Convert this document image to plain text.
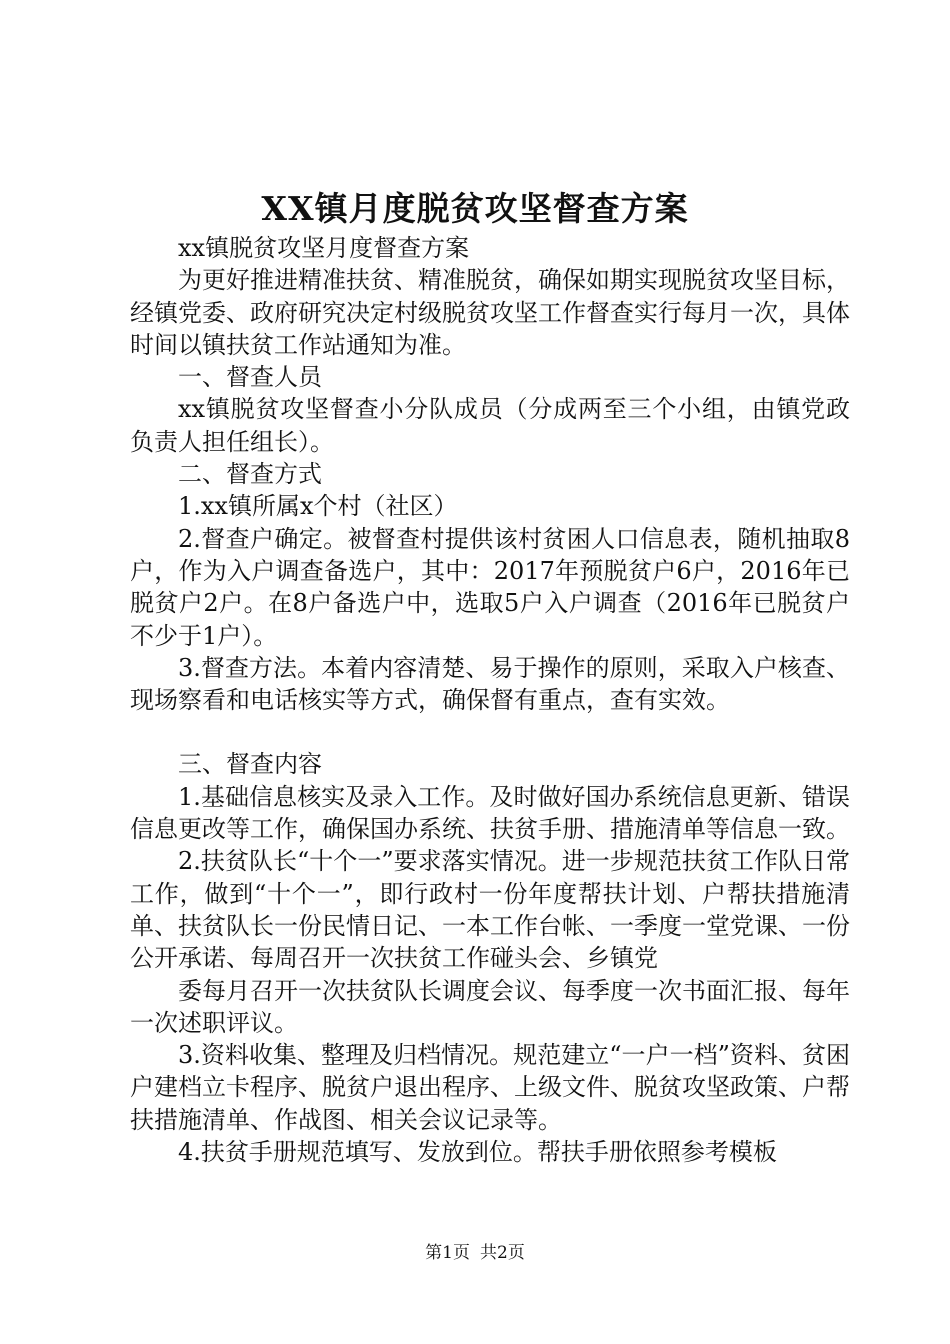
XX镇月度脱贫攻坚督查方案

xx镇脱贫攻坚月度督查方案

为更好推进精准扶贫、精准脱贫，确保如期实现脱贫攻坚目标，经镇党委、政府研究决定村级脱贫攻坚工作督查实行每月一次，具体时间以镇扶贫工作站通知为准。

一、督查人员

xx镇脱贫攻坚督查小分队成员（分成两至三个小组，由镇党政负责人担任组长）。

二、督查方式

1.xx镇所属x个村（社区）

2.督查户确定。被督查村提供该村贫困人口信息表，随机抽取8户，作为入户调查备选户，其中：2017年预脱贫户6户，2016年已脱贫户2户。在8户备选户中，选取5户入户调查（2016年已脱贫户不少于1户）。

3.督查方法。本着内容清楚、易于操作的原则，采取入户核查、现场察看和电话核实等方式，确保督有重点，查有实效。

三、督查内容

1.基础信息核实及录入工作。及时做好国办系统信息更新、错误信息更改等工作，确保国办系统、扶贫手册、措施清单等信息一致。

2.扶贫队长“十个一”要求落实情况。进一步规范扶贫工作队日常工作，做到“十个一”，即行政村一份年度帮扶计划、户帮扶措施清单、扶贫队长一份民情日记、一本工作台帐、一季度一堂党课、一份公开承诺、每周召开一次扶贫工作碰头会、乡镇党

委每月召开一次扶贫队长调度会议、每季度一次书面汇报、每年一次述职评议。

3.资料收集、整理及归档情况。规范建立“一户一档”资料、贫困户建档立卡程序、脱贫户退出程序、上级文件、脱贫攻坚政策、户帮扶措施清单、作战图、相关会议记录等。

4.扶贫手册规范填写、发放到位。帮扶手册依照参考模板

第1页 共2页
